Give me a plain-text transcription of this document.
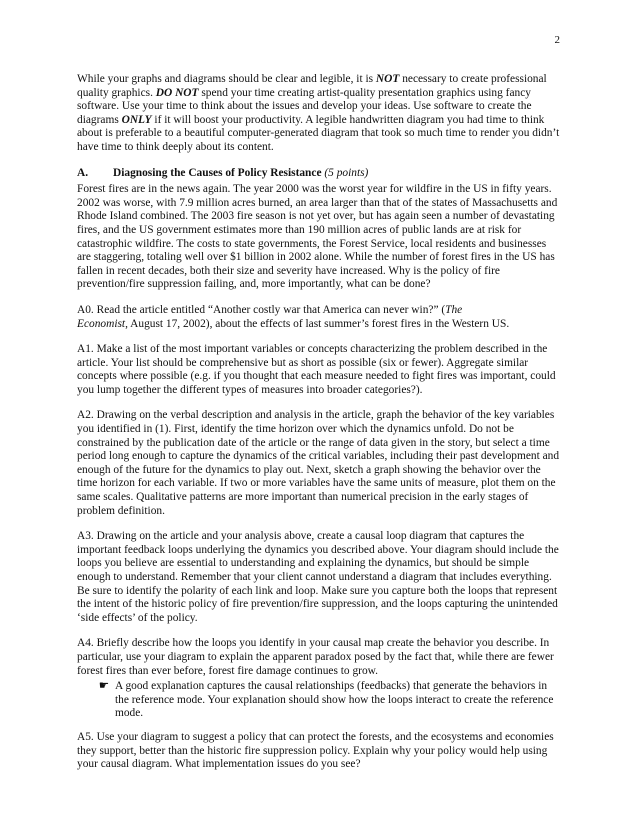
2

While your graphs and diagrams should be clear and legible, it is NOT necessary to create professional quality graphics. DO NOT spend your time creating artist-quality presentation graphics using fancy software. Use your time to think about the issues and develop your ideas. Use software to create the diagrams ONLY if it will boost your productivity. A legible handwritten diagram you had time to think about is preferable to a beautiful computer-generated diagram that took so much time to render you didn’t have time to think deeply about its content.

A.	Diagnosing the Causes of Policy Resistance (5 points)

Forest fires are in the news again. The year 2000 was the worst year for wildfire in the US in fifty years. 2002 was worse, with 7.9 million acres burned, an area larger than that of the states of Massachusetts and Rhode Island combined. The 2003 fire season is not yet over, but has again seen a number of devastating fires, and the US government estimates more than 190 million acres of public lands are at risk for catastrophic wildfire. The costs to state governments, the Forest Service, local residents and businesses are staggering, totaling well over $1 billion in 2002 alone. While the number of forest fires in the US has fallen in recent decades, both their size and severity have increased. Why is the policy of fire prevention/fire suppression failing, and, more importantly, what can be done?

A0. Read the article entitled “Another costly war that America can never win?” (The
Economist, August 17, 2002), about the effects of last summer’s forest fires in the Western US.

A1. Make a list of the most important variables or concepts characterizing the problem described in the article. Your list should be comprehensive but as short as possible (six or fewer). Aggregate similar concepts where possible (e.g. if you thought that each measure needed to fight fires was important, could you lump together the different types of measures into broader categories?).

A2. Drawing on the verbal description and analysis in the article, graph the behavior of the key variables you identified in (1). First, identify the time horizon over which the dynamics unfold. Do not be constrained by the publication date of the article or the range of data given in the story, but select a time period long enough to capture the dynamics of the critical variables, including their past development and enough of the future for the dynamics to play out. Next, sketch a graph showing the behavior over the time horizon for each variable. If two or more variables have the same units of measure, plot them on the same scales. Qualitative patterns are more important than numerical precision in the early stages of problem definition.

A3. Drawing on the article and your analysis above, create a causal loop diagram that captures the important feedback loops underlying the dynamics you described above. Your diagram should include the loops you believe are essential to understanding and explaining the dynamics, but should be simple enough to understand. Remember that your client cannot understand a diagram that includes everything. Be sure to identify the polarity of each link and loop. Make sure you capture both the loops that represent the intent of the historic policy of fire prevention/fire suppression, and the loops capturing the unintended ‘side effects’ of the policy.

A4. Briefly describe how the loops you identify in your causal map create the behavior you describe. In particular, use your diagram to explain the apparent paradox posed by the fact that, while there are fewer forest fires than ever before, forest fire damage continues to grow.

☛ A good explanation captures the causal relationships (feedbacks) that generate the behaviors in the reference mode. Your explanation should show how the loops interact to create the reference mode.

A5. Use your diagram to suggest a policy that can protect the forests, and the ecosystems and economies they support, better than the historic fire suppression policy. Explain why your policy would help using your causal diagram. What implementation issues do you see?
